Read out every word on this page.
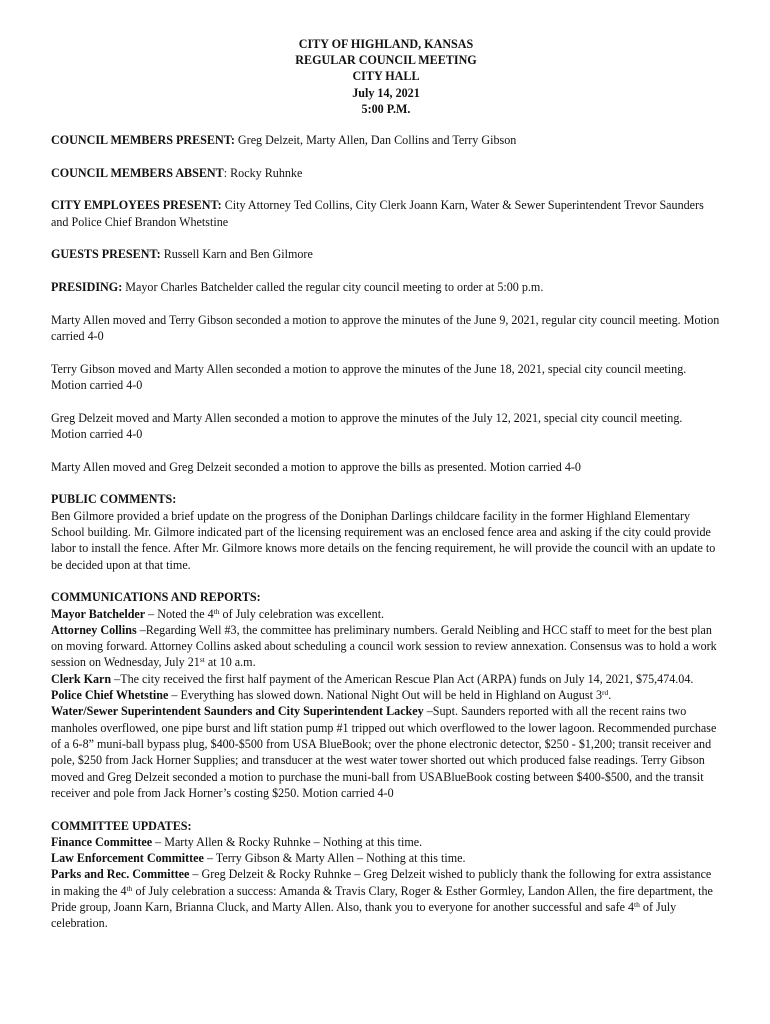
CITY OF HIGHLAND, KANSAS
REGULAR COUNCIL MEETING
CITY HALL
July 14, 2021
5:00 P.M.
COUNCIL MEMBERS PRESENT: Greg Delzeit, Marty Allen, Dan Collins and Terry Gibson
COUNCIL MEMBERS ABSENT: Rocky Ruhnke
CITY EMPLOYEES PRESENT: City Attorney Ted Collins, City Clerk Joann Karn, Water & Sewer Superintendent Trevor Saunders and Police Chief Brandon Whetstine
GUESTS PRESENT: Russell Karn and Ben Gilmore
PRESIDING: Mayor Charles Batchelder called the regular city council meeting to order at 5:00 p.m.
Marty Allen moved and Terry Gibson seconded a motion to approve the minutes of the June 9, 2021, regular city council meeting. Motion carried 4-0
Terry Gibson moved and Marty Allen seconded a motion to approve the minutes of the June 18, 2021, special city council meeting. Motion carried 4-0
Greg Delzeit moved and Marty Allen seconded a motion to approve the minutes of the July 12, 2021, special city council meeting. Motion carried 4-0
Marty Allen moved and Greg Delzeit seconded a motion to approve the bills as presented. Motion carried 4-0
PUBLIC COMMENTS:
Ben Gilmore provided a brief update on the progress of the Doniphan Darlings childcare facility in the former Highland Elementary School building. Mr. Gilmore indicated part of the licensing requirement was an enclosed fence area and asking if the city could provide labor to install the fence. After Mr. Gilmore knows more details on the fencing requirement, he will provide the council with an update to be decided upon at that time.
COMMUNICATIONS AND REPORTS:
Mayor Batchelder – Noted the 4th of July celebration was excellent.
Attorney Collins –Regarding Well #3, the committee has preliminary numbers. Gerald Neibling and HCC staff to meet for the best plan on moving forward. Attorney Collins asked about scheduling a council work session to review annexation. Consensus was to hold a work session on Wednesday, July 21st at 10 a.m.
Clerk Karn –The city received the first half payment of the American Rescue Plan Act (ARPA) funds on July 14, 2021, $75,474.04.
Police Chief Whetstine – Everything has slowed down. National Night Out will be held in Highland on August 3rd.
Water/Sewer Superintendent Saunders and City Superintendent Lackey –Supt. Saunders reported with all the recent rains two manholes overflowed, one pipe burst and lift station pump #1 tripped out which overflowed to the lower lagoon. Recommended purchase of a 6-8” muni-ball bypass plug, $400-$500 from USA BlueBook; over the phone electronic detector, $250 - $1,200; transit receiver and pole, $250 from Jack Horner Supplies; and transducer at the west water tower shorted out which produced false readings. Terry Gibson moved and Greg Delzeit seconded a motion to purchase the muni-ball from USABlueBook costing between $400-$500, and the transit receiver and pole from Jack Horner’s costing $250. Motion carried 4-0
COMMITTEE UPDATES:
Finance Committee – Marty Allen & Rocky Ruhnke – Nothing at this time.
Law Enforcement Committee – Terry Gibson & Marty Allen – Nothing at this time.
Parks and Rec. Committee – Greg Delzeit & Rocky Ruhnke – Greg Delzeit wished to publicly thank the following for extra assistance in making the 4th of July celebration a success: Amanda & Travis Clary, Roger & Esther Gormley, Landon Allen, the fire department, the Pride group, Joann Karn, Brianna Cluck, and Marty Allen. Also, thank you to everyone for another successful and safe 4th of July celebration.
